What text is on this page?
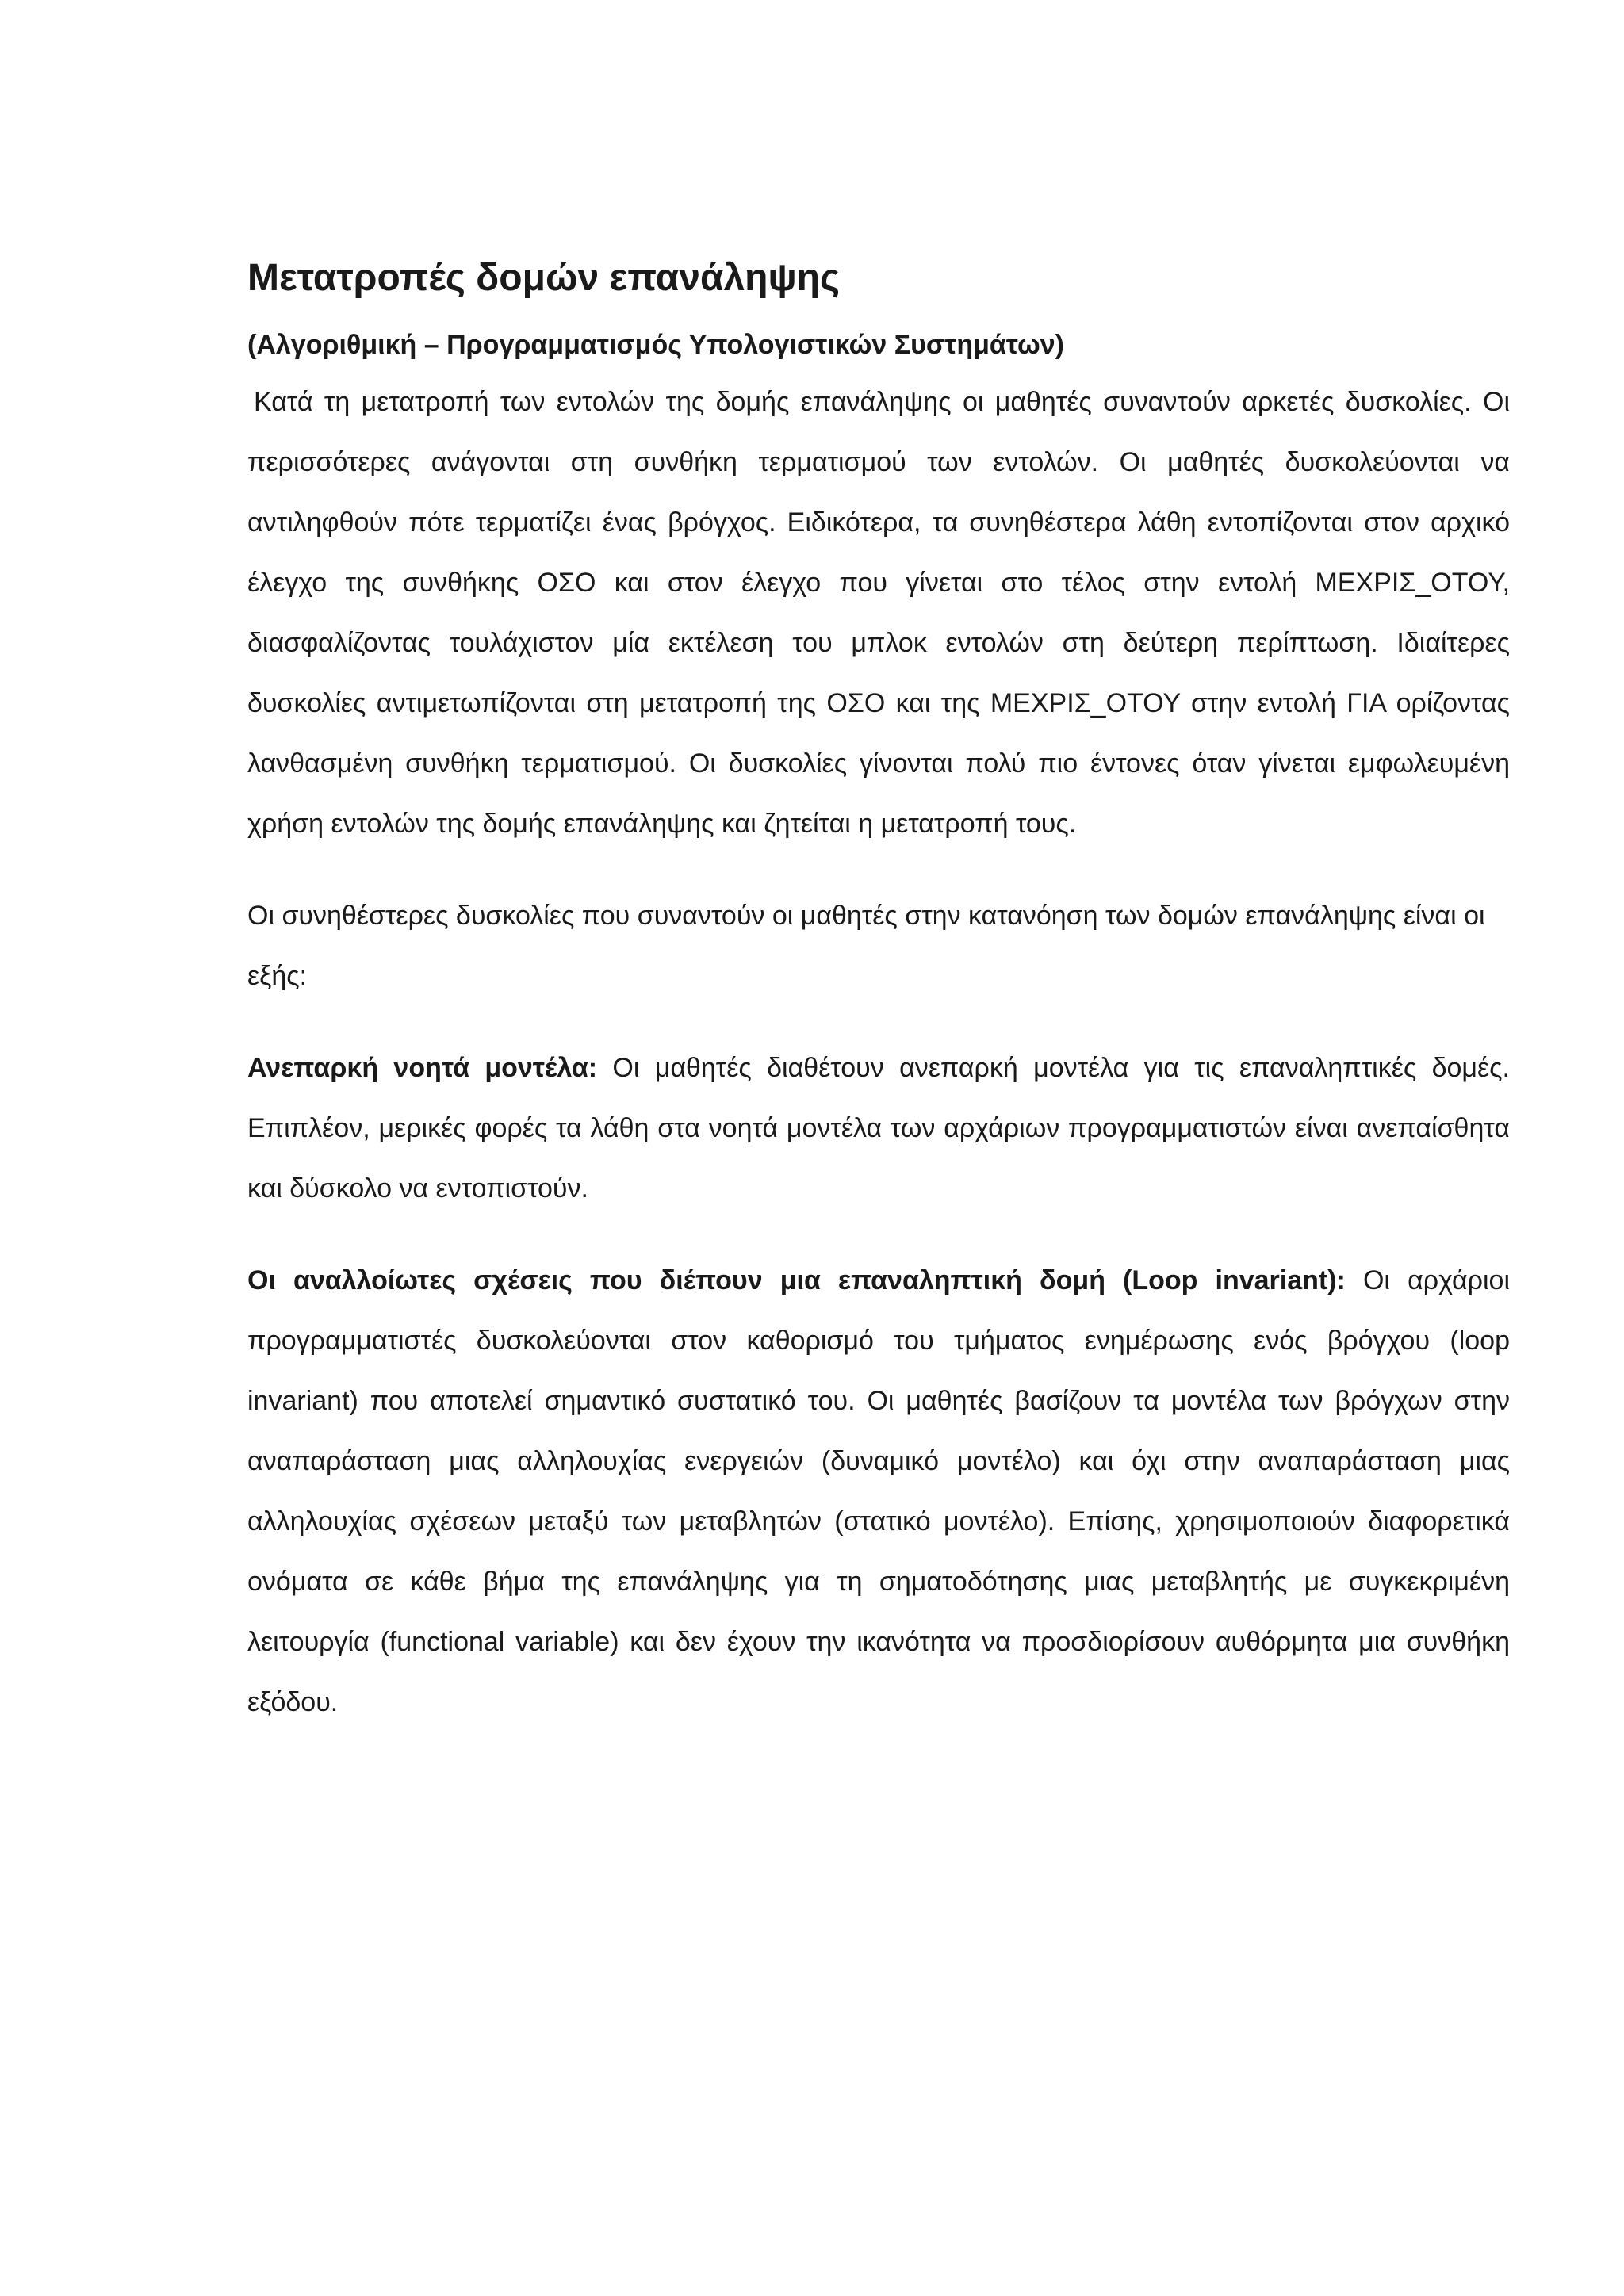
Μετατροπές δομών επανάληψης
(Αλγοριθμική – Προγραμματισμός Υπολογιστικών Συστημάτων)

Κατά τη μετατροπή των εντολών της δομής επανάληψης οι μαθητές συναντούν αρκετές δυσκολίες. Οι περισσότερες ανάγονται στη συνθήκη τερματισμού των εντολών. Οι μαθητές δυσκολεύονται να αντιληφθούν πότε τερματίζει ένας βρόγχος. Ειδικότερα, τα συνηθέστερα λάθη εντοπίζονται στον αρχικό έλεγχο της συνθήκης ΟΣΟ και στον έλεγχο που γίνεται στο τέλος στην εντολή ΜΕΧΡΙΣ_ΟΤΟΥ, διασφαλίζοντας τουλάχιστον μία εκτέλεση του μπλοκ εντολών στη δεύτερη περίπτωση. Ιδιαίτερες δυσκολίες αντιμετωπίζονται στη μετατροπή της ΟΣΟ και της ΜΕΧΡΙΣ_ΟΤΟΥ στην εντολή ΓΙΑ ορίζοντας λανθασμένη συνθήκη τερματισμού. Οι δυσκολίες γίνονται πολύ πιο έντονες όταν γίνεται εμφωλευμένη χρήση εντολών της δομής επανάληψης και ζητείται η μετατροπή τους.

Οι συνηθέστερες δυσκολίες που συναντούν οι μαθητές στην κατανόηση των δομών επανάληψης είναι οι εξής:

Ανεπαρκή νοητά μοντέλα: Οι μαθητές διαθέτουν ανεπαρκή μοντέλα για τις επαναληπτικές δομές. Επιπλέον, μερικές φορές τα λάθη στα νοητά μοντέλα των αρχάριων προγραμματιστών είναι ανεπαίσθητα και δύσκολο να εντοπιστούν.

Οι αναλλοίωτες σχέσεις που διέπουν μια επαναληπτική δομή (Loop invariant): Οι αρχάριοι προγραμματιστές δυσκολεύονται στον καθορισμό του τμήματος ενημέρωσης ενός βρόγχου (loop invariant) που αποτελεί σημαντικό συστατικό του. Οι μαθητές βασίζουν τα μοντέλα των βρόγχων στην αναπαράσταση μιας αλληλουχίας ενεργειών (δυναμικό μοντέλο) και όχι στην αναπαράσταση μιας αλληλουχίας σχέσεων μεταξύ των μεταβλητών (στατικό μοντέλο). Επίσης, χρησιμοποιούν διαφορετικά ονόματα σε κάθε βήμα της επανάληψης για τη σηματοδότησης μιας μεταβλητής με συγκεκριμένη λειτουργία (functional variable) και δεν έχουν την ικανότητα να προσδιορίσουν αυθόρμητα μια συνθήκη εξόδου.
